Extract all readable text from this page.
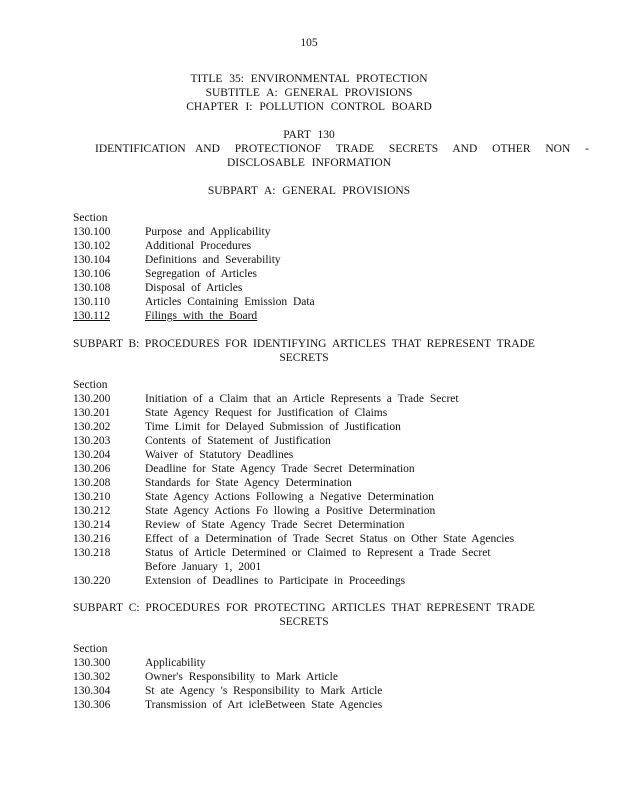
105
TITLE 35: ENVIRONMENTAL PROTECTION
SUBTITLE A: GENERAL PROVISIONS
CHAPTER I: POLLUTION CONTROL BOARD
PART 130
IDENTIFICATION AND PROTECTIONOF TRADE SECRETS AND OTHER NON -
DISCLOSABLE INFORMATION
SUBPART A: GENERAL PROVISIONS
Section
130.100	Purpose and Applicability
130.102	Additional Procedures
130.104	Definitions and Severability
130.106	Segregation of Articles
130.108	Disposal of Articles
130.110	Articles Containing Emission Data
130.112	Filings with the Board
SUBPART B: PROCEDURES FOR IDENTIFYING ARTICLES THAT REPRESENT TRADE
SECRETS
Section
130.200	Initiation of a Claim that an Article Represents a Trade Secret
130.201	State Agency Request for Justification of Claims
130.202	Time Limit for Delayed Submission of Justification
130.203	Contents of Statement of Justification
130.204	Waiver of Statutory Deadlines
130.206	Deadline for State Agency Trade Secret Determination
130.208	Standards for State Agency Determination
130.210	State Agency Actions Following a Negative Determination
130.212	State Agency Actions Fo llowing a Positive Determination
130.214	Review of State Agency Trade Secret Determination
130.216	Effect of a Determination of Trade Secret Status on Other State Agencies
130.218	Status of Article Determined or Claimed to Represent a Trade Secret Before January 1, 2001
130.220	Extension of Deadlines to Participate in Proceedings
SUBPART C: PROCEDURES FOR PROTECTING ARTICLES THAT REPRESENT TRADE
SECRETS
Section
130.300	Applicability
130.302	Owner's Responsibility to Mark Article
130.304	St ate Agency 's Responsibility to Mark Article
130.306	Transmission of Art icleBetween State Agencies
